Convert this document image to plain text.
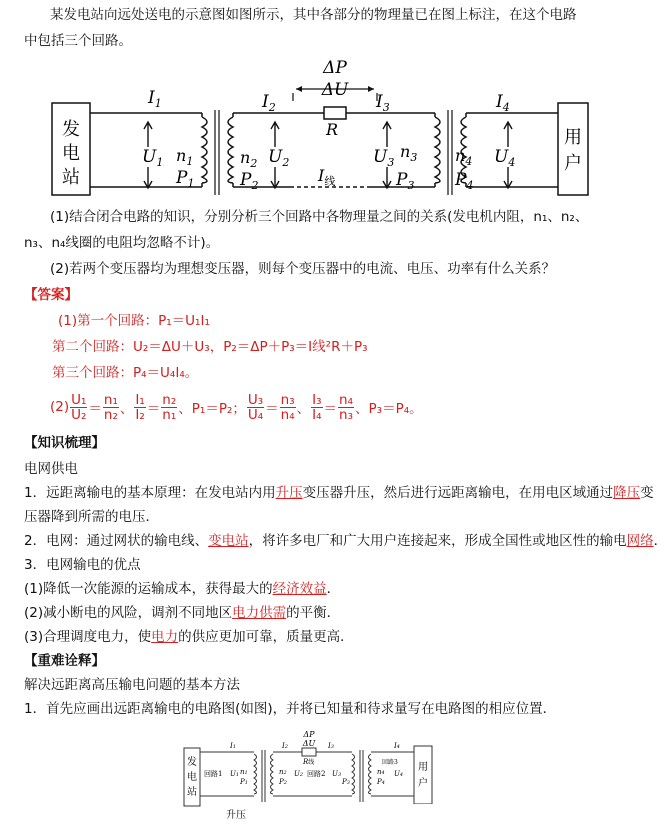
某发电站向远处送电的示意图如图所示，其中各部分的物理量已在图上标注，在这个电路
中包括三个回路。
发
电
站
用
户
ΔP
ΔU
R
$I_1$	$I_2$	$I_3$	$I_4$
$U_1$	$U_2$	$U_3$	$U_4$
$n_1$	$n_2$
$n_3$ $n_4$
$P_1$	$P_2$	$P_3$ $P_4$
$I_线$
(1)结合闭合电路的知识，分别分析三个回路中各物理量之间的关系(发电机内阻，n₁、n₂、
n₃、n₄线圈的电阻均忽略不计)。
(2)若两个变压器均为理想变压器，则每个变压器中的电流、电压、功率有什么关系？
【答案】
(1)第一个回路：P₁＝U₁I₁
第二个回路：U₂＝ΔU＋U₃，P₂＝ΔP＋P₃＝I线²R＋P₃
第三个回路：P₄＝U₄I₄。
$(2) \frac{\text{U₁}}{\text{U₂}} = \frac{\text{n₁}}{\text{n₂}}$ 、 $\frac{\text{I₁}}{\text{I₂}} = \frac{\text{n₂}}{\text{n₁}}$ 、P₁＝P₂； $\frac{\text{U₃}}{\text{U₄}} = \frac{\text{n₃}}{\text{n₄}}$ 、 $\frac{\text{I₃}}{\text{I₄}} = \frac{\text{n₄}}{\text{n₃}}$ 、P₃＝P₄。
【知识梳理】
电网供电
1．远距离输电的基本原理：在发电站内用升压变压器升压，然后进行远距离输电，在用电区域通过降压变
压器降到所需的电压．
2．电网：通过网状的输电线、变电站，将许多电厂和广大用户连接起来，形成全国性或地区性的输电网络．
3．电网输电的优点
(1)降低一次能源的运输成本，获得最大的经济效益．
(2)减小断电的风险，调剂不同地区电力供需的平衡．
(3)合理调度电力，使电力的供应更加可靠，质量更高．
【重难诠释】
解决远距离高压输电问题的基本方法
1．首先应画出远距离输电的电路图(如图)，并将已知量和待求量写在电路图的相应位置．
发
电
站
用
户
ΔP
ΔU
R线
回路1	回路2
回路3
I1
U1 n1
P1
n2
P2
U2
I2	I3
U3
P3
n4
P4
U4
I4
升压
